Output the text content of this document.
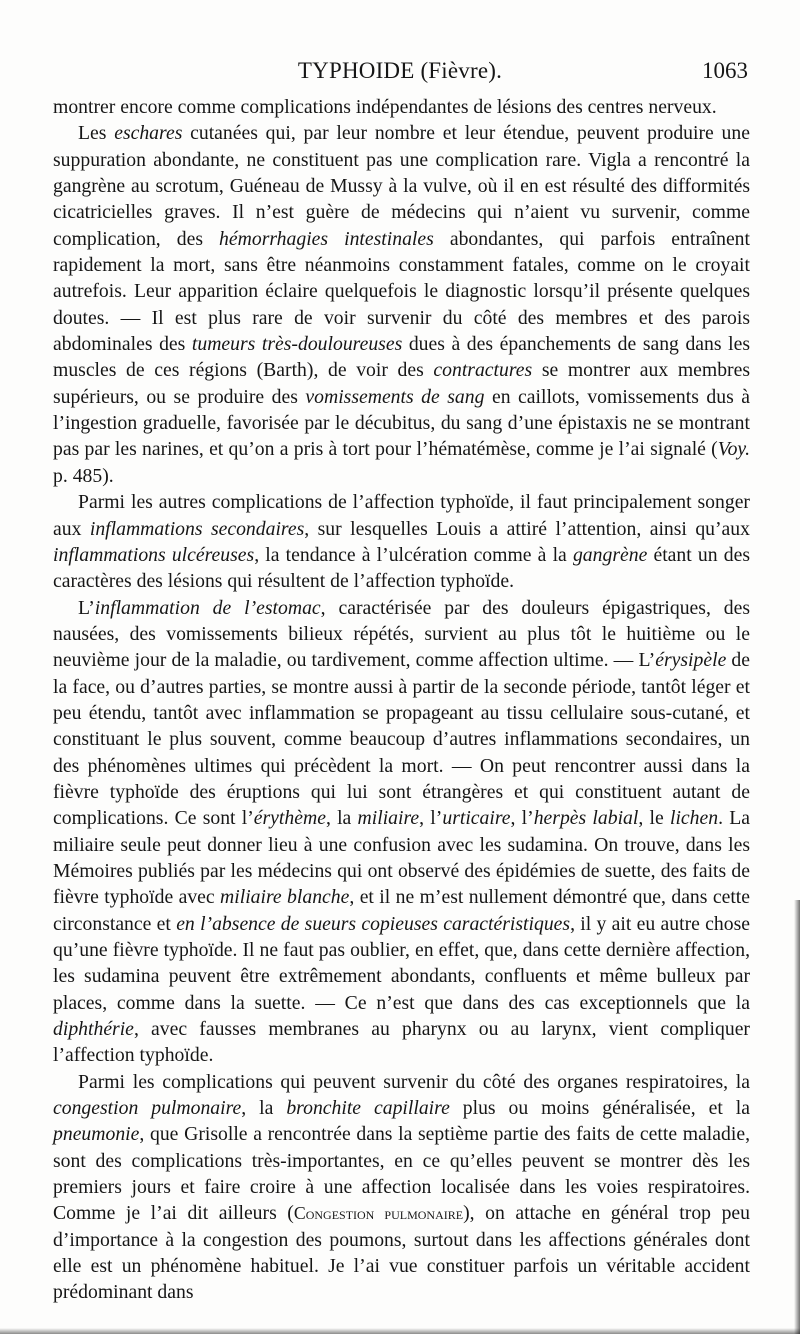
TYPHOIDE (Fièvre).	1063

montrer encore comme complications indépendantes de lésions des centres nerveux.

Les eschares cutanées qui, par leur nombre et leur étendue, peuvent produire une suppuration abondante, ne constituent pas une complication rare. Vigla a rencontré la gangrène au scrotum, Guéneau de Mussy à la vulve, où il en est résulté des difformités cicatricielles graves. Il n’est guère de médecins qui n’aient vu survenir, comme complication, des hémorrhagies intestinales abondantes, qui parfois entraînent rapidement la mort, sans être néanmoins constamment fatales, comme on le croyait autrefois. Leur apparition éclaire quelquefois le diagnostic lorsqu’il présente quelques doutes. — Il est plus rare de voir survenir du côté des membres et des parois abdominales des tumeurs très-douloureuses dues à des épanchements de sang dans les muscles de ces régions (Barth), de voir des contractures se montrer aux membres supérieurs, ou se produire des vomissements de sang en caillots, vomissements dus à l’ingestion graduelle, favorisée par le décubitus, du sang d’une épistaxis ne se montrant pas par les narines, et qu’on a pris à tort pour l’hématémèse, comme je l’ai signalé (Voy. p. 485).

Parmi les autres complications de l’affection typhoïde, il faut principalement songer aux inflammations secondaires, sur lesquelles Louis a attiré l’attention, ainsi qu’aux inflammations ulcéreuses, la tendance à l’ulcération comme à la gangrène étant un des caractères des lésions qui résultent de l’affection typhoïde.

L’inflammation de l’estomac, caractérisée par des douleurs épigastriques, des nausées, des vomissements bilieux répétés, survient au plus tôt le huitième ou le neuvième jour de la maladie, ou tardivement, comme affection ultime. — L’érysipèle de la face, ou d’autres parties, se montre aussi à partir de la seconde période, tantôt léger et peu étendu, tantôt avec inflammation se propageant au tissu cellulaire sous-cutané, et constituant le plus souvent, comme beaucoup d’autres inflammations secondaires, un des phénomènes ultimes qui précèdent la mort. — On peut rencontrer aussi dans la fièvre typhoïde des éruptions qui lui sont étrangères et qui constituent autant de complications. Ce sont l’érythème, la miliaire, l’urticaire, l’herpès labial, le lichen. La miliaire seule peut donner lieu à une confusion avec les sudamina. On trouve, dans les Mémoires publiés par les médecins qui ont observé des épidémies de suette, des faits de fièvre typhoïde avec miliaire blanche, et il ne m’est nullement démontré que, dans cette circonstance et en l’absence de sueurs copieuses caractéristiques, il y ait eu autre chose qu’une fièvre typhoïde. Il ne faut pas oublier, en effet, que, dans cette dernière affection, les sudamina peuvent être extrêmement abondants, confluents et même bulleux par places, comme dans la suette. — Ce n’est que dans des cas exceptionnels que la diphthérie, avec fausses membranes au pharynx ou au larynx, vient compliquer l’affection typhoïde.

Parmi les complications qui peuvent survenir du côté des organes respiratoires, la congestion pulmonaire, la bronchite capillaire plus ou moins généralisée, et la pneumonie, que Grisolle a rencontrée dans la septième partie des faits de cette maladie, sont des complications très-importantes, en ce qu’elles peuvent se montrer dès les premiers jours et faire croire à une affection localisée dans les voies respiratoires. Comme je l’ai dit ailleurs (Congestion pulmonaire), on attache en général trop peu d’importance à la congestion des poumons, surtout dans les affections générales dont elle est un phénomène habituel. Je l’ai vue constituer parfois un véritable accident prédominant dans
